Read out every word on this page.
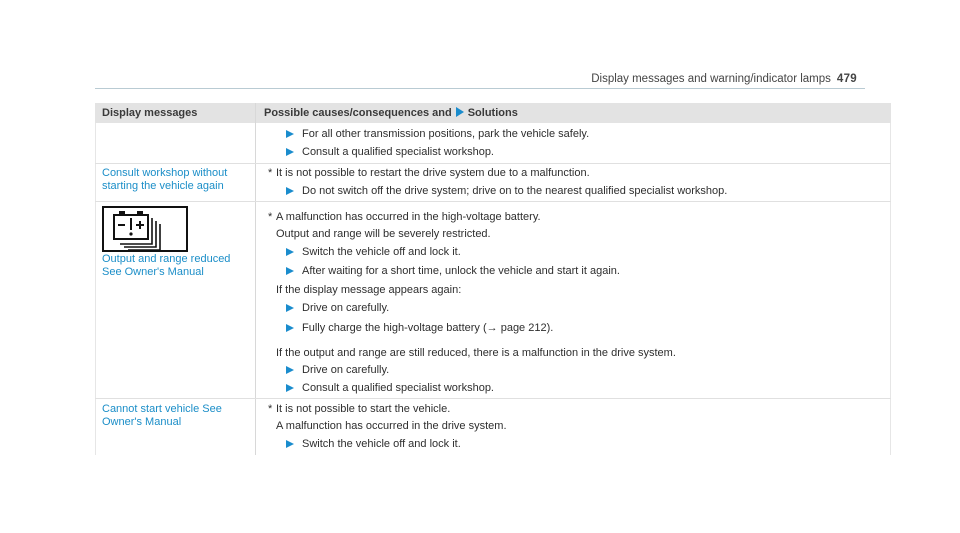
Display messages and warning/indicator lamps 479
Display messages	Possible causes/consequences and Solutions
For all other transmission positions, park the vehicle safely.
Consult a qualified specialist workshop.
Consult workshop without
starting the vehicle again
* It is not possible to restart the drive system due to a malfunction.
Do not switch off the drive system; drive on to the nearest qualified specialist workshop.
Output and range reduced
See Owner's Manual
* A malfunction has occurred in the high-voltage battery.
Output and range will be severely restricted.
Switch the vehicle off and lock it.
After waiting for a short time, unlock the vehicle and start it again.
If the display message appears again:
Drive on carefully.
Fully charge the high-voltage battery (→ page 212).
If the output and range are still reduced, there is a malfunction in the drive system.
Drive on carefully.
Consult a qualified specialist workshop.
Cannot start vehicle See
Owner's Manual
* It is not possible to start the vehicle.
A malfunction has occurred in the drive system.
Switch the vehicle off and lock it.
